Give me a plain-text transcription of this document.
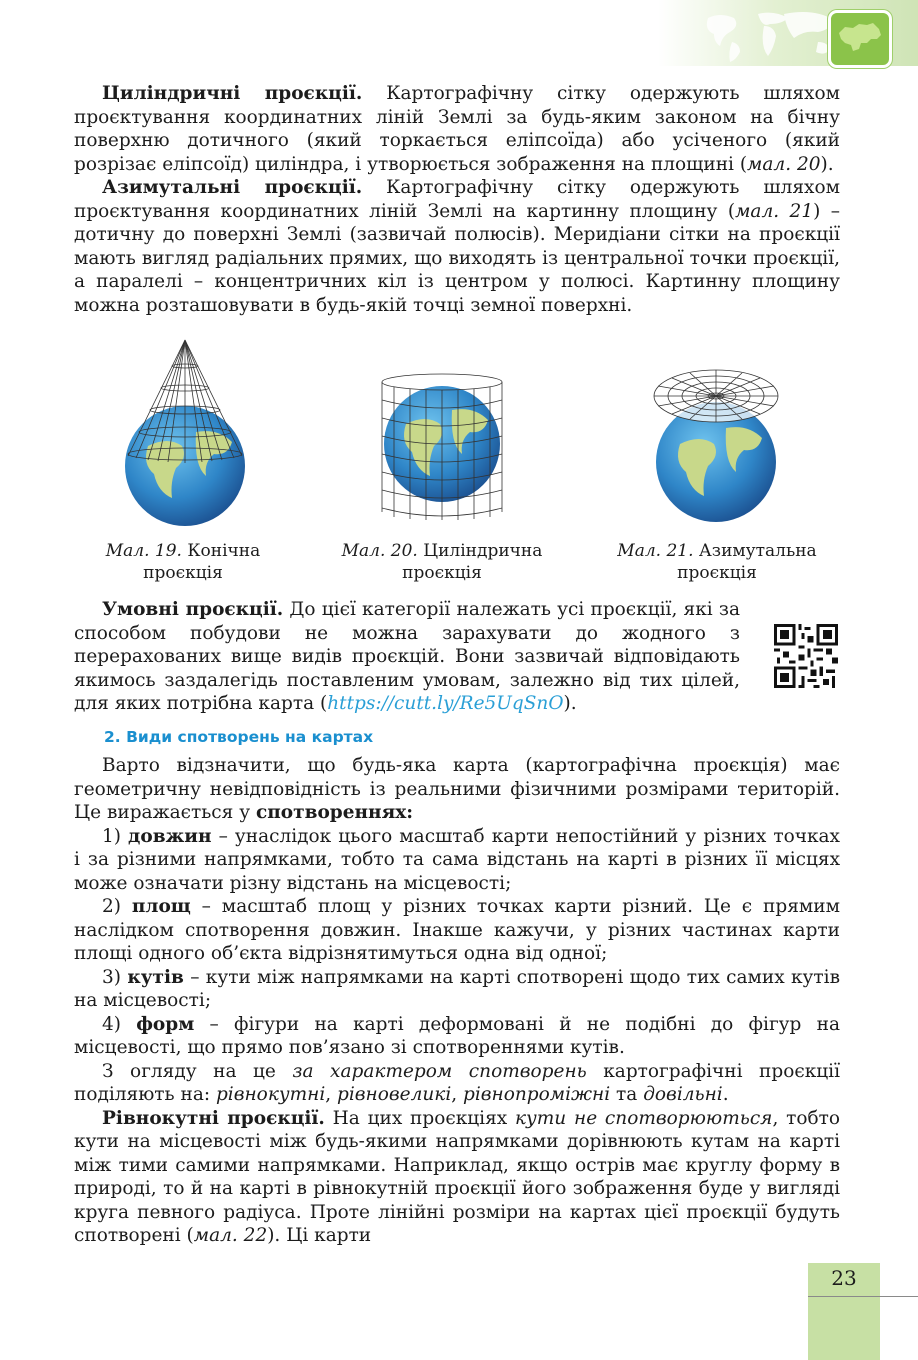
Циліндричні проєкції. Картографічну сітку одержують шляхом проєктування координатних ліній Землі за будь-яким законом на бічну поверхню дотичного (який торкається еліпсоїда) або усіченого (який розрізає еліпсоїд) циліндра, і утворюється зображення на площині (мал. 20).

Азимутальні проєкції. Картографічну сітку одержують шляхом проєктування координатних ліній Землі на картинну площину (мал. 21) – дотичну до поверхні Землі (зазвичай полюсів). Меридіани сітки на проєкції мають вигляд радіальних прямих, що виходять із центральної точки проєкції, а паралелі – концентричних кіл із центром у полюсі. Картинну площину можна розташовувати в будь-якій точці земної поверхні.

Мал. 19. Конічна
проєкція
Мал. 20. Циліндрична
проєкція
Мал. 21. Азимутальна
проєкція

Умовні проєкції. До цієї категорії належать усі проєкції, які за способом побудови не можна зарахувати до жодного з перерахованих вище видів проєкцій. Вони зазвичай відповідають якимось заздалегідь поставленим умовам, залежно від тих цілей, для яких потрібна карта (https://cutt.ly/Re5UqSnO).

2. Види спотворень на картах

Варто відзначити, що будь-яка карта (картографічна проєкція) має геометричну невідповідність із реальними фізичними розмірами територій. Це виражається у спотвореннях:

1) довжин – унаслідок цього масштаб карти непостійний у різних точках і за різними напрямками, тобто та сама відстань на карті в різних її місцях може означати різну відстань на місцевості;

2) площ – масштаб площ у різних точках карти різний. Це є прямим наслідком спотворення довжин. Інакше кажучи, у різних частинах карти площі одного об’єкта відрізнятимуться одна від одної;

3) кутів – кути між напрямками на карті спотворені щодо тих самих кутів на місцевості;

4) форм – фігури на карті деформовані й не подібні до фігур на місцевості, що прямо пов’язано зі спотвореннями кутів.

З огляду на це за характером спотворень картографічні проєкції поділяють на: рівнокутні, рівновеликі, рівнопроміжні та довільні.

Рівнокутні проєкції. На цих проєкціях кути не спотворюються, тобто кути на місцевості між будь-якими напрямками дорівнюють кутам на карті між тими самими напрямками. Наприклад, якщо острів має круглу форму в природі, то й на карті в рівнокутній проєкції його зображення буде у вигляді круга певного радіуса. Проте лінійні розміри на картах цієї проєкції будуть спотворені (мал. 22). Ці карти

23
